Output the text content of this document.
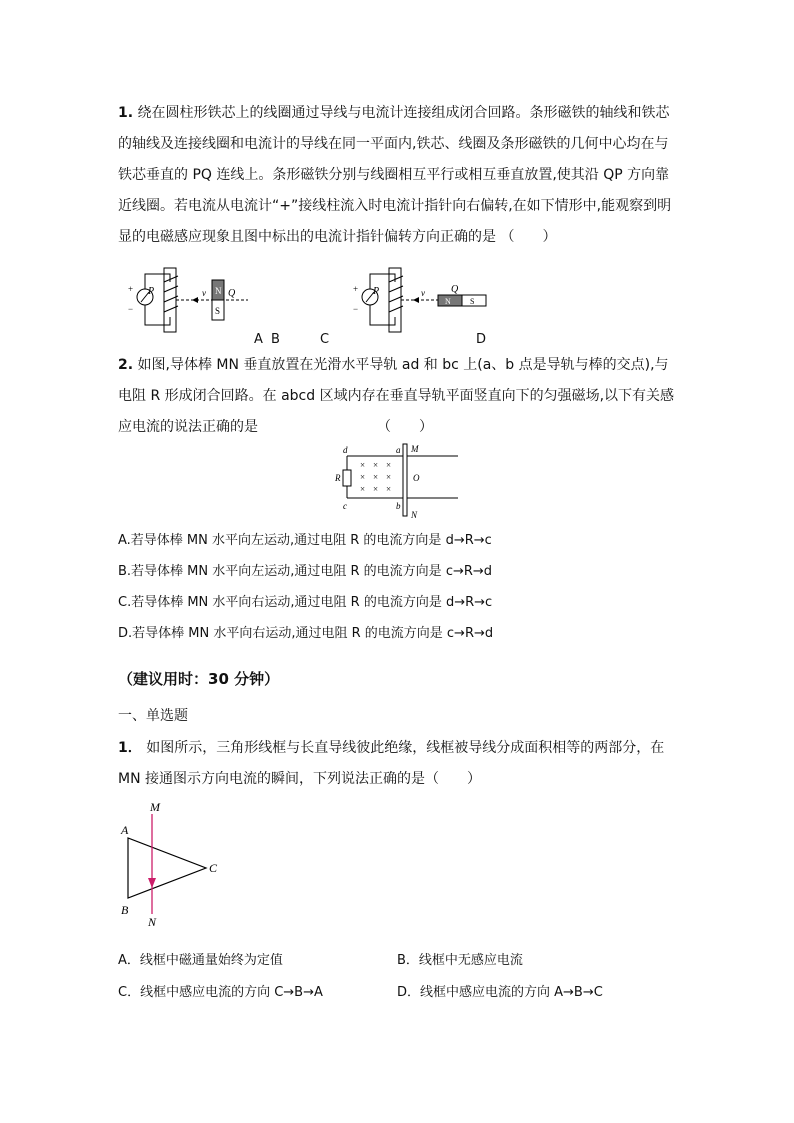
1. 绕在圆柱形铁芯上的线圈通过导线与电流计连接组成闭合回路。条形磁铁的轴线和铁芯的轴线及连接线圈和电流计的导线在同一平面内,铁芯、线圈及条形磁铁的几何中心均在与铁芯垂直的 PQ 连线上。条形磁铁分别与线圈相互平行或相互垂直放置,使其沿 QP 方向靠近线圈。若电流从电流计“+”接线柱流入时电流计指针向右偏转,在如下情形中,能观察到明显的电磁感应现象且图中标出的电流计指针偏转方向正确的是 （　　）
+
−
P	v N
S
Q	+
−
P	v
N S
Q
A B	C	D
2. 如图,导体棒 MN 垂直放置在光滑水平导轨 ad 和 bc 上(a、b 点是导轨与棒的交点),与电阻 R 形成闭合回路。在 abcd 区域内存在垂直导轨平面竖直向下的匀强磁场,以下有关感应电流的说法正确的是　　　　　　　　　（　　）
× × ×
× × ×
× × ×
d	a M
R	O
c	b
N
A.若导体棒 MN 水平向左运动,通过电阻 R 的电流方向是 d→R→c
B.若导体棒 MN 水平向左运动,通过电阻 R 的电流方向是 c→R→d
C.若导体棒 MN 水平向右运动,通过电阻 R 的电流方向是 d→R→c
D.若导体棒 MN 水平向右运动,通过电阻 R 的电流方向是 c→R→d
（建议用时：30 分钟）
一、单选题
1． 如图所示，三角形线框与长直导线彼此绝缘，线框被导线分成面积相等的两部分，在 MN 接通图示方向电流的瞬间，下列说法正确的是（　　）
M
A
C
B
N
A．线框中磁通量始终为定值	B．线框中无感应电流
C．线框中感应电流的方向 C→B→A	D．线框中感应电流的方向 A→B→C
